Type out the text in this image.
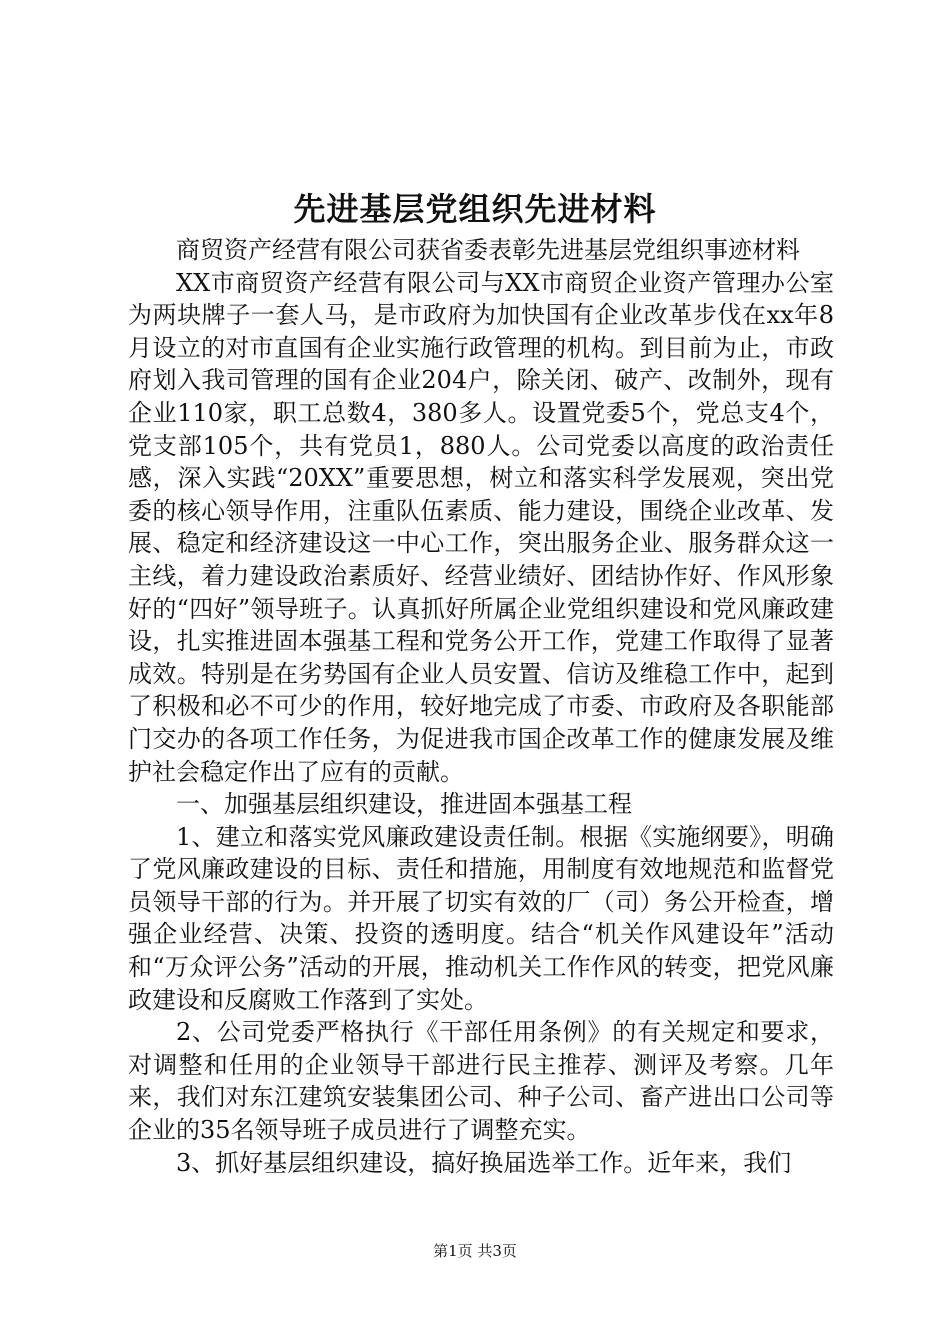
先进基层党组织先进材料

商贸资产经营有限公司获省委表彰先进基层党组织事迹材料

XX市商贸资产经营有限公司与XX市商贸企业资产管理办公室为两块牌子一套人马，是市政府为加快国有企业改革步伐在xx年8月设立的对市直国有企业实施行政管理的机构。到目前为止，市政府划入我司管理的国有企业204户，除关闭、破产、改制外，现有企业110家，职工总数4，380多人。设置党委5个，党总支4个，党支部105个，共有党员1，880人。公司党委以高度的政治责任感，深入实践“20XX”重要思想，树立和落实科学发展观，突出党委的核心领导作用，注重队伍素质、能力建设，围绕企业改革、发展、稳定和经济建设这一中心工作，突出服务企业、服务群众这一主线，着力建设政治素质好、经营业绩好、团结协作好、作风形象好的“四好”领导班子。认真抓好所属企业党组织建设和党风廉政建设，扎实推进固本强基工程和党务公开工作，党建工作取得了显著成效。特别是在劣势国有企业人员安置、信访及维稳工作中，起到了积极和必不可少的作用，较好地完成了市委、市政府及各职能部门交办的各项工作任务，为促进我市国企改革工作的健康发展及维护社会稳定作出了应有的贡献。

一、加强基层组织建设，推进固本强基工程

1、建立和落实党风廉政建设责任制。根据《实施纲要》，明确了党风廉政建设的目标、责任和措施，用制度有效地规范和监督党员领导干部的行为。并开展了切实有效的厂（司）务公开检查，增强企业经营、决策、投资的透明度。结合“机关作风建设年”活动和“万众评公务”活动的开展，推动机关工作作风的转变，把党风廉政建设和反腐败工作落到了实处。

2、公司党委严格执行《干部任用条例》的有关规定和要求，对调整和任用的企业领导干部进行民主推荐、测评及考察。几年来，我们对东江建筑安装集团公司、种子公司、畜产进出口公司等企业的35名领导班子成员进行了调整充实。

3、抓好基层组织建设，搞好换届选举工作。近年来，我们

第1页 共3页
